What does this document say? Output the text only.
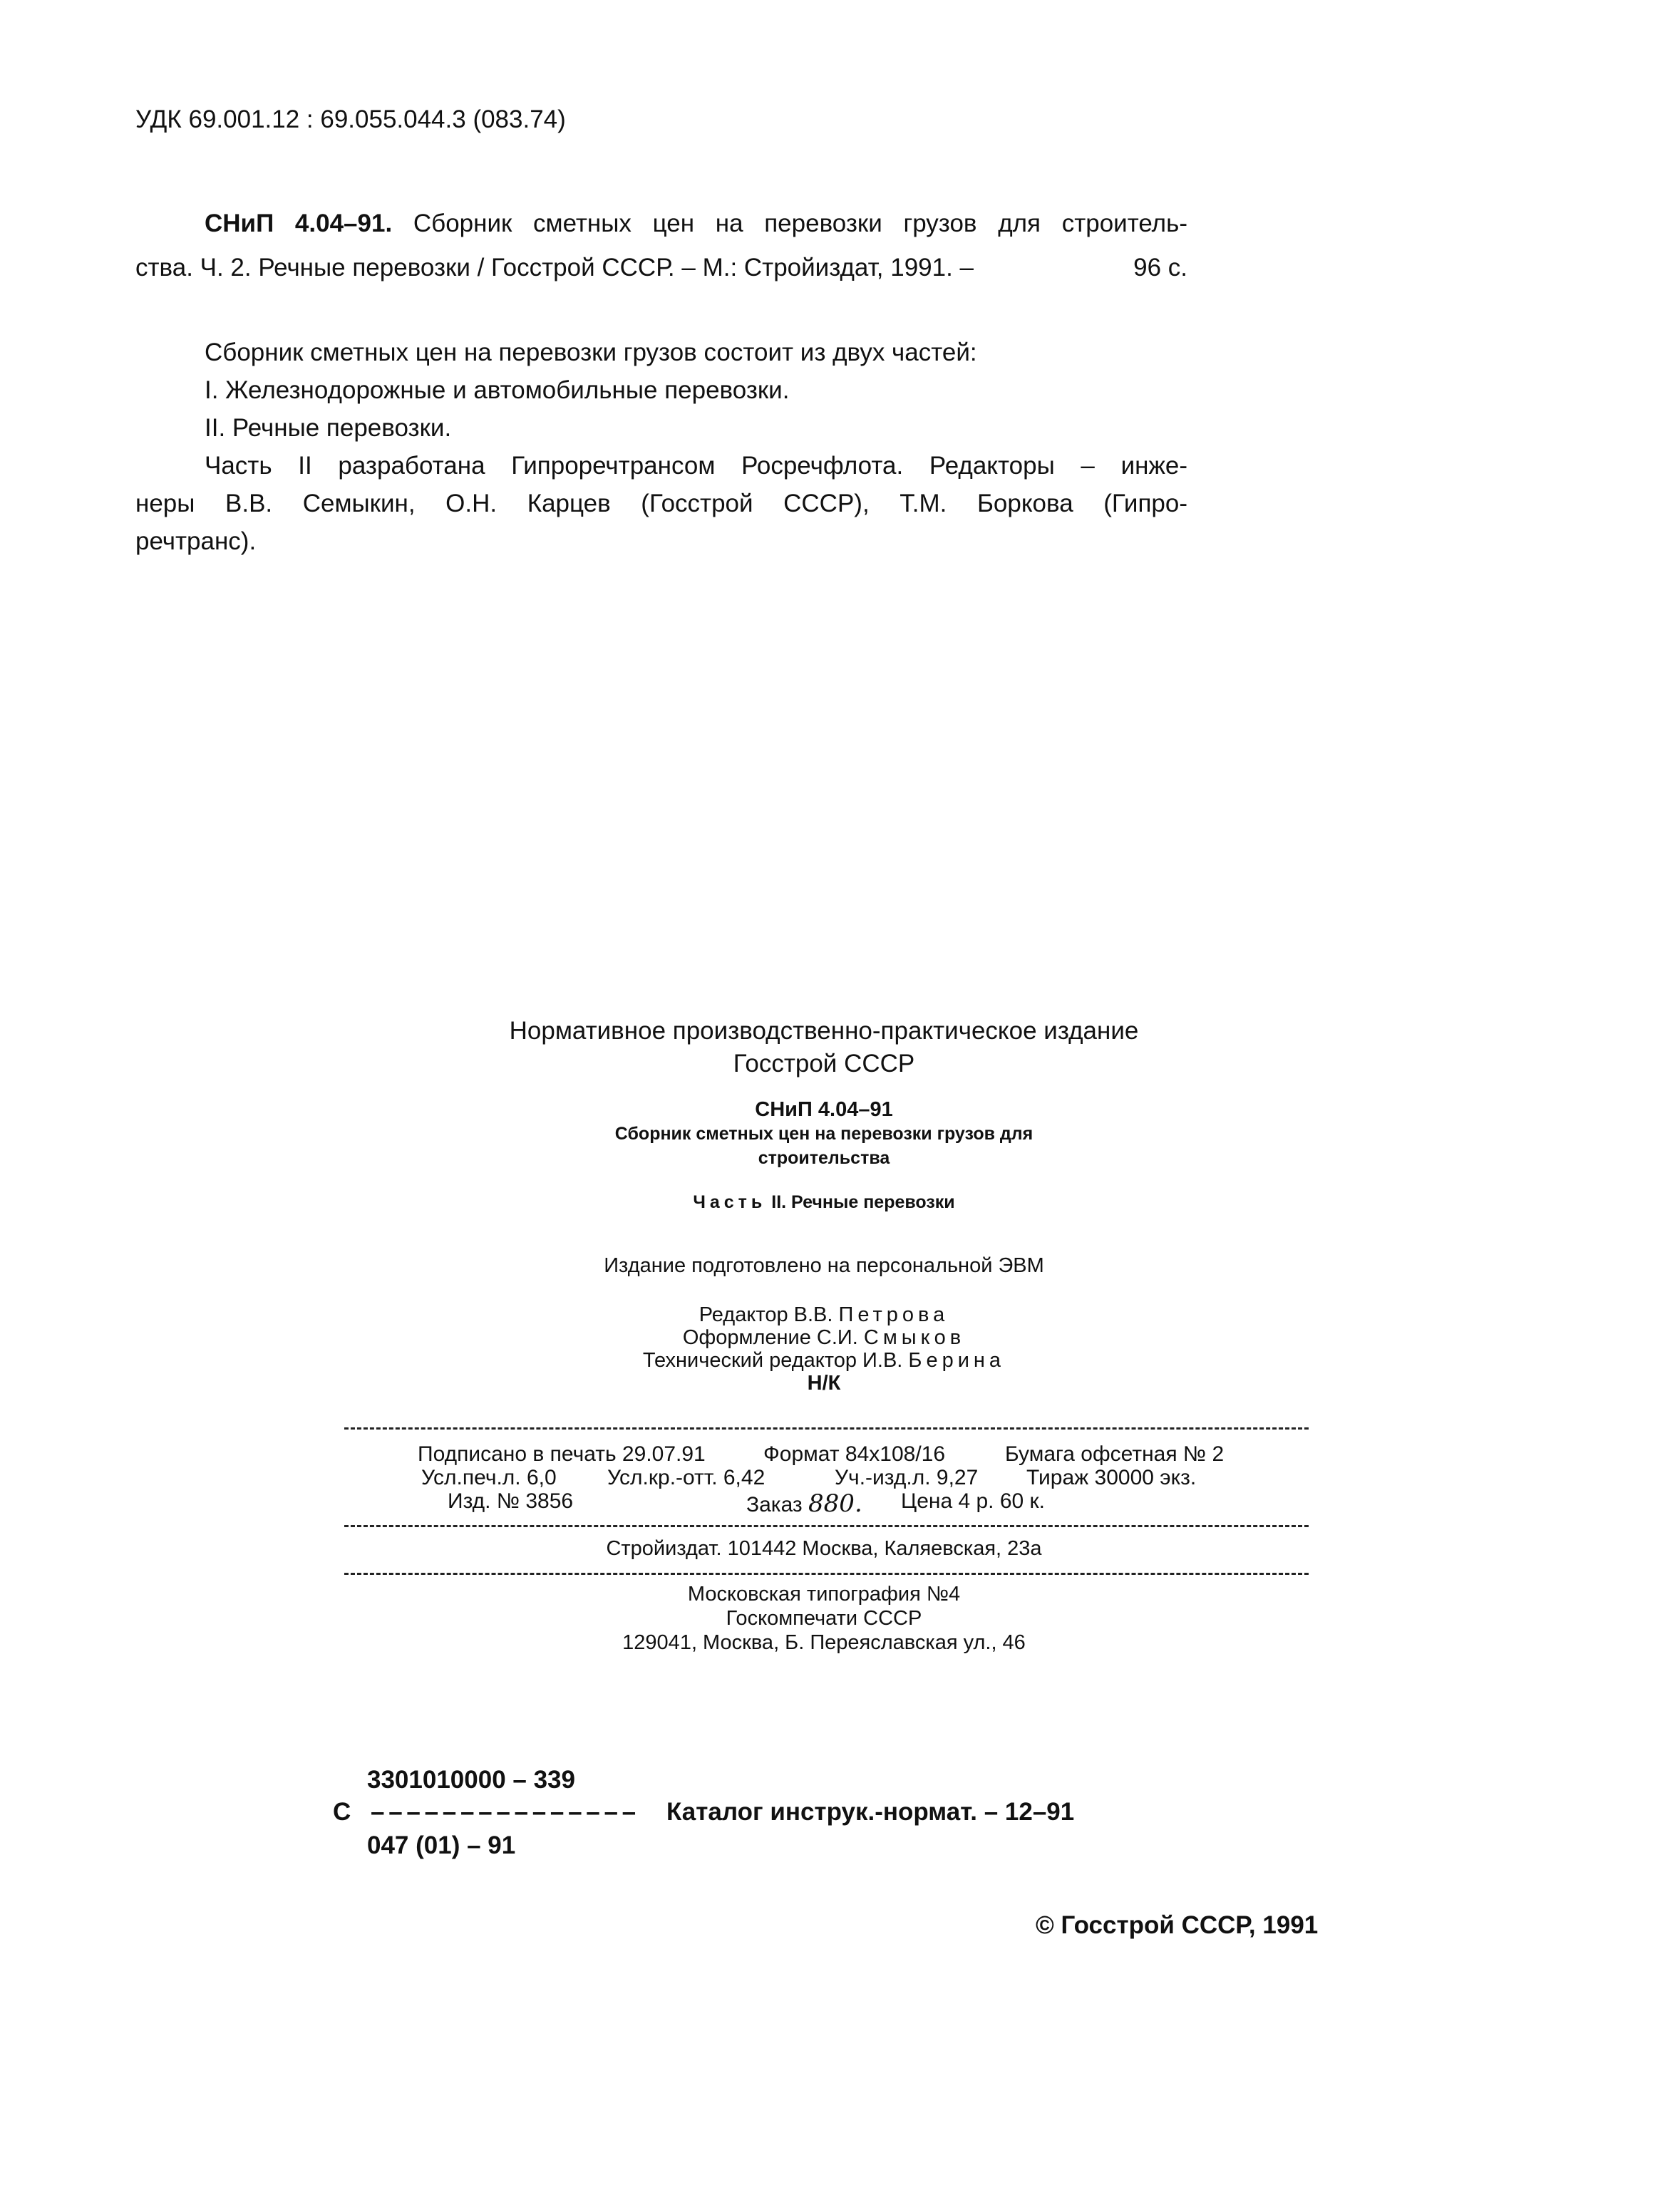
УДК 69.001.12 : 69.055.044.3 (083.74)

СНиП 4.04–91. Сборник сметных цен на перевозки грузов для строитель-

ства. Ч. 2. Речные перевозки / Госстрой СССР. – М.: Стройиздат, 1991. –	96 с.

Сборник сметных цен на перевозки грузов состоит из двух частей:

I. Железнодорожные и автомобильные перевозки.

II. Речные перевозки.

Часть II разработана Гипроречтрансом Росречфлота. Редакторы – инже-

неры В.В. Семыкин, О.Н. Карцев (Госстрой СССР), Т.М. Боркова (Гипро-

речтранс).

Нормативное производственно-практическое издание
Госстрой СССР
СНиП 4.04–91
Сборник сметных цен на перевозки грузов для
строительства
Часть II. Речные перевозки
Издание подготовлено на персональной ЭВМ
Редактор В.В. Петрова
Оформление С.И. Смыков
Технический редактор И.В. Берина
Н/К
Подписано в печать 29.07.91	Формат 84х108/16	Бумага офсетная № 2
Усл.печ.л. 6,0 Усл.кр.-отт. 6,42	Уч.-изд.л. 9,27 Тираж 30000 экз.
Изд. № 3856	Заказ 880. Цена 4 р. 60 к.
Стройиздат. 101442 Москва, Каляевская, 23а
Московская типография №4
Госкомпечати СССР
129041, Москва, Б. Переяславская ул., 46
3301010000 – 339
С – – – – – – – – – – – – – – – Каталог инструк.-нормат. – 12–91
047 (01) – 91
© Госстрой СССР, 1991
